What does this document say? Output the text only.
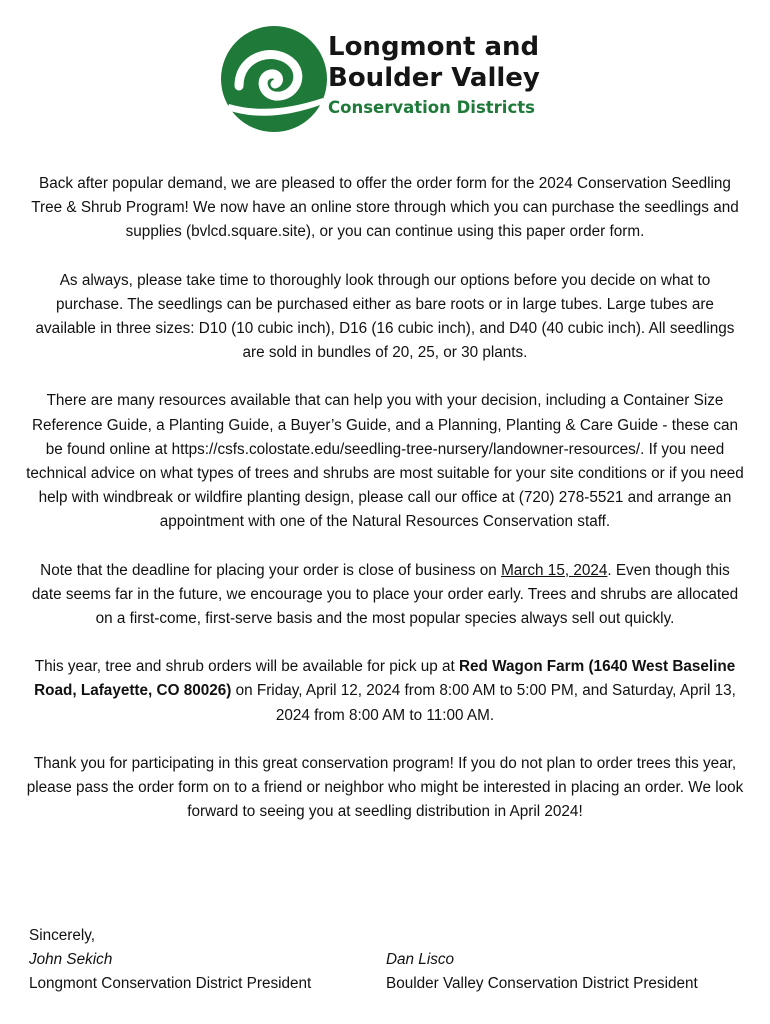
Longmont and
Boulder Valley
Conservation Districts

Back after popular demand, we are pleased to offer the order form for the 2024 Conservation Seedling Tree & Shrub Program! We now have an online store through which you can purchase the seedlings and supplies (bvlcd.square.site), or you can continue using this paper order form.

As always, please take time to thoroughly look through our options before you decide on what to purchase. The seedlings can be purchased either as bare roots or in large tubes. Large tubes are available in three sizes: D10 (10 cubic inch), D16 (16 cubic inch), and D40 (40 cubic inch). All seedlings are sold in bundles of 20, 25, or 30 plants.

There are many resources available that can help you with your decision, including a Container Size Reference Guide, a Planting Guide, a Buyer’s Guide, and a Planning, Planting & Care Guide - these can be found online at https://csfs.colostate.edu/seedling-tree-nursery/landowner-resources/. If you need technical advice on what types of trees and shrubs are most suitable for your site conditions or if you need help with windbreak or wildfire planting design, please call our office at (720) 278-5521 and arrange an appointment with one of the Natural Resources Conservation staff.

Note that the deadline for placing your order is close of business on March 15, 2024. Even though this date seems far in the future, we encourage you to place your order early. Trees and shrubs are allocated on a first-come, first-serve basis and the most popular species always sell out quickly.

This year, tree and shrub orders will be available for pick up at Red Wagon Farm (1640 West Baseline Road, Lafayette, CO 80026) on Friday, April 12, 2024 from 8:00 AM to 5:00 PM, and Saturday, April 13, 2024 from 8:00 AM to 11:00 AM.

Thank you for participating in this great conservation program! If you do not plan to order trees this year, please pass the order form on to a friend or neighbor who might be interested in placing an order. We look forward to seeing you at seedling distribution in April 2024!

Sincerely,
John Sekich	Dan Lisco
Longmont Conservation District President	Boulder Valley Conservation District President
